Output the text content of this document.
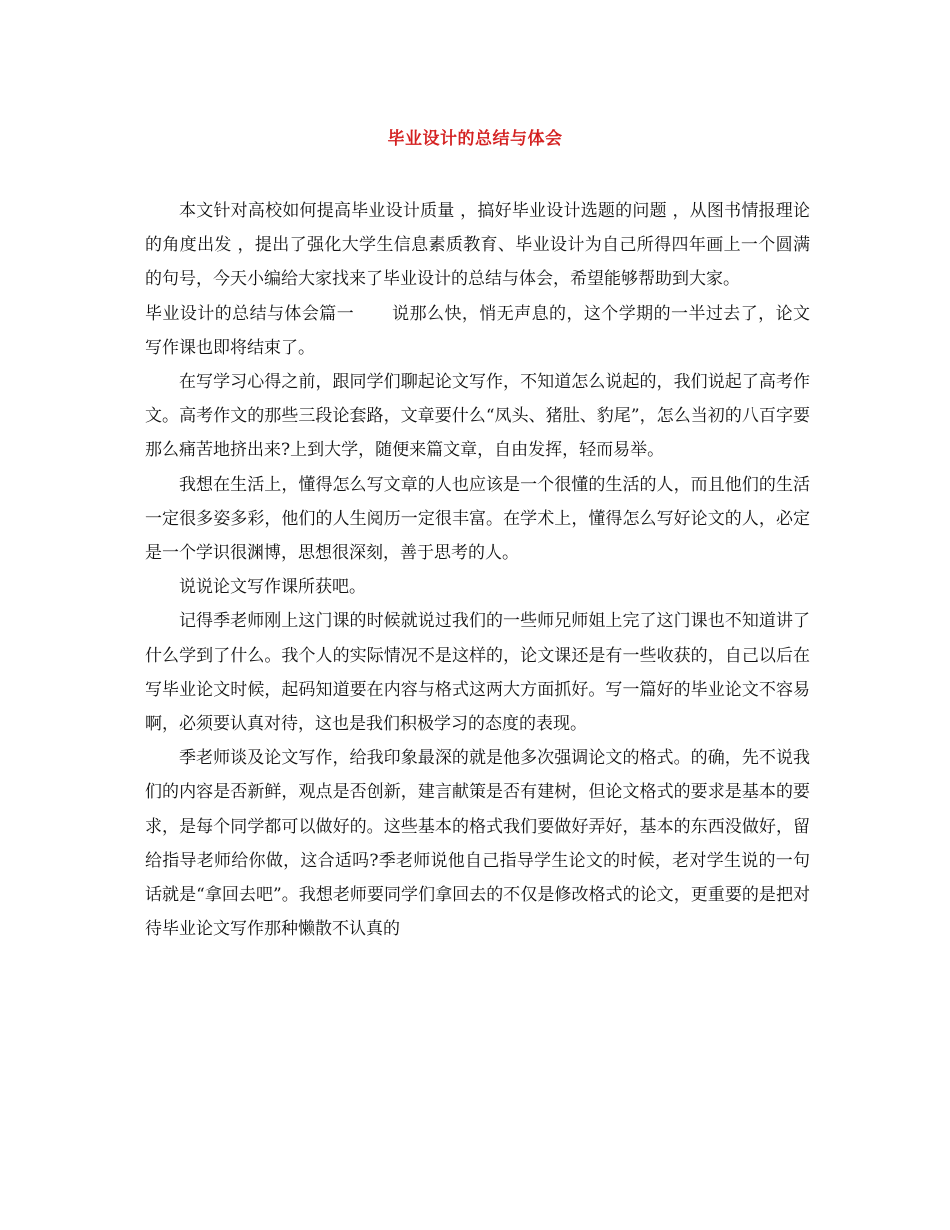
毕业设计的总结与体会

本文针对高校如何提高毕业设计质量 ，搞好毕业设计选题的问题 ，从图书情报理论的角度出发 ，提出了强化大学生信息素质教育、毕业设计为自己所得四年画上一个圆满的句号，今天小编给大家找来了毕业设计的总结与体会，希望能够帮助到大家。

毕业设计的总结与体会篇一 说那么快，悄无声息的，这个学期的一半过去了，论文写作课也即将结束了。

在写学习心得之前，跟同学们聊起论文写作，不知道怎么说起的，我们说起了高考作文。高考作文的那些三段论套路，文章要什么“凤头、猪肚、豹尾”，怎么当初的八百字要那么痛苦地挤出来?上到大学，随便来篇文章，自由发挥，轻而易举。

我想在生活上，懂得怎么写文章的人也应该是一个很懂的生活的人，而且他们的生活一定很多姿多彩，他们的人生阅历一定很丰富。在学术上，懂得怎么写好论文的人，必定是一个学识很渊博，思想很深刻，善于思考的人。

说说论文写作课所获吧。

记得季老师刚上这门课的时候就说过我们的一些师兄师姐上完了这门课也不知道讲了什么学到了什么。我个人的实际情况不是这样的，论文课还是有一些收获的，自己以后在写毕业论文时候，起码知道要在内容与格式这两大方面抓好。写一篇好的毕业论文不容易啊，必须要认真对待，这也是我们积极学习的态度的表现。

季老师谈及论文写作，给我印象最深的就是他多次强调论文的格式。的确，先不说我们的内容是否新鲜，观点是否创新，建言献策是否有建树，但论文格式的要求是基本的要求，是每个同学都可以做好的。这些基本的格式我们要做好弄好，基本的东西没做好，留给指导老师给你做，这合适吗?季老师说他自己指导学生论文的时候，老对学生说的一句话就是“拿回去吧”。我想老师要同学们拿回去的不仅是修改格式的论文，更重要的是把对待毕业论文写作那种懒散不认真的
